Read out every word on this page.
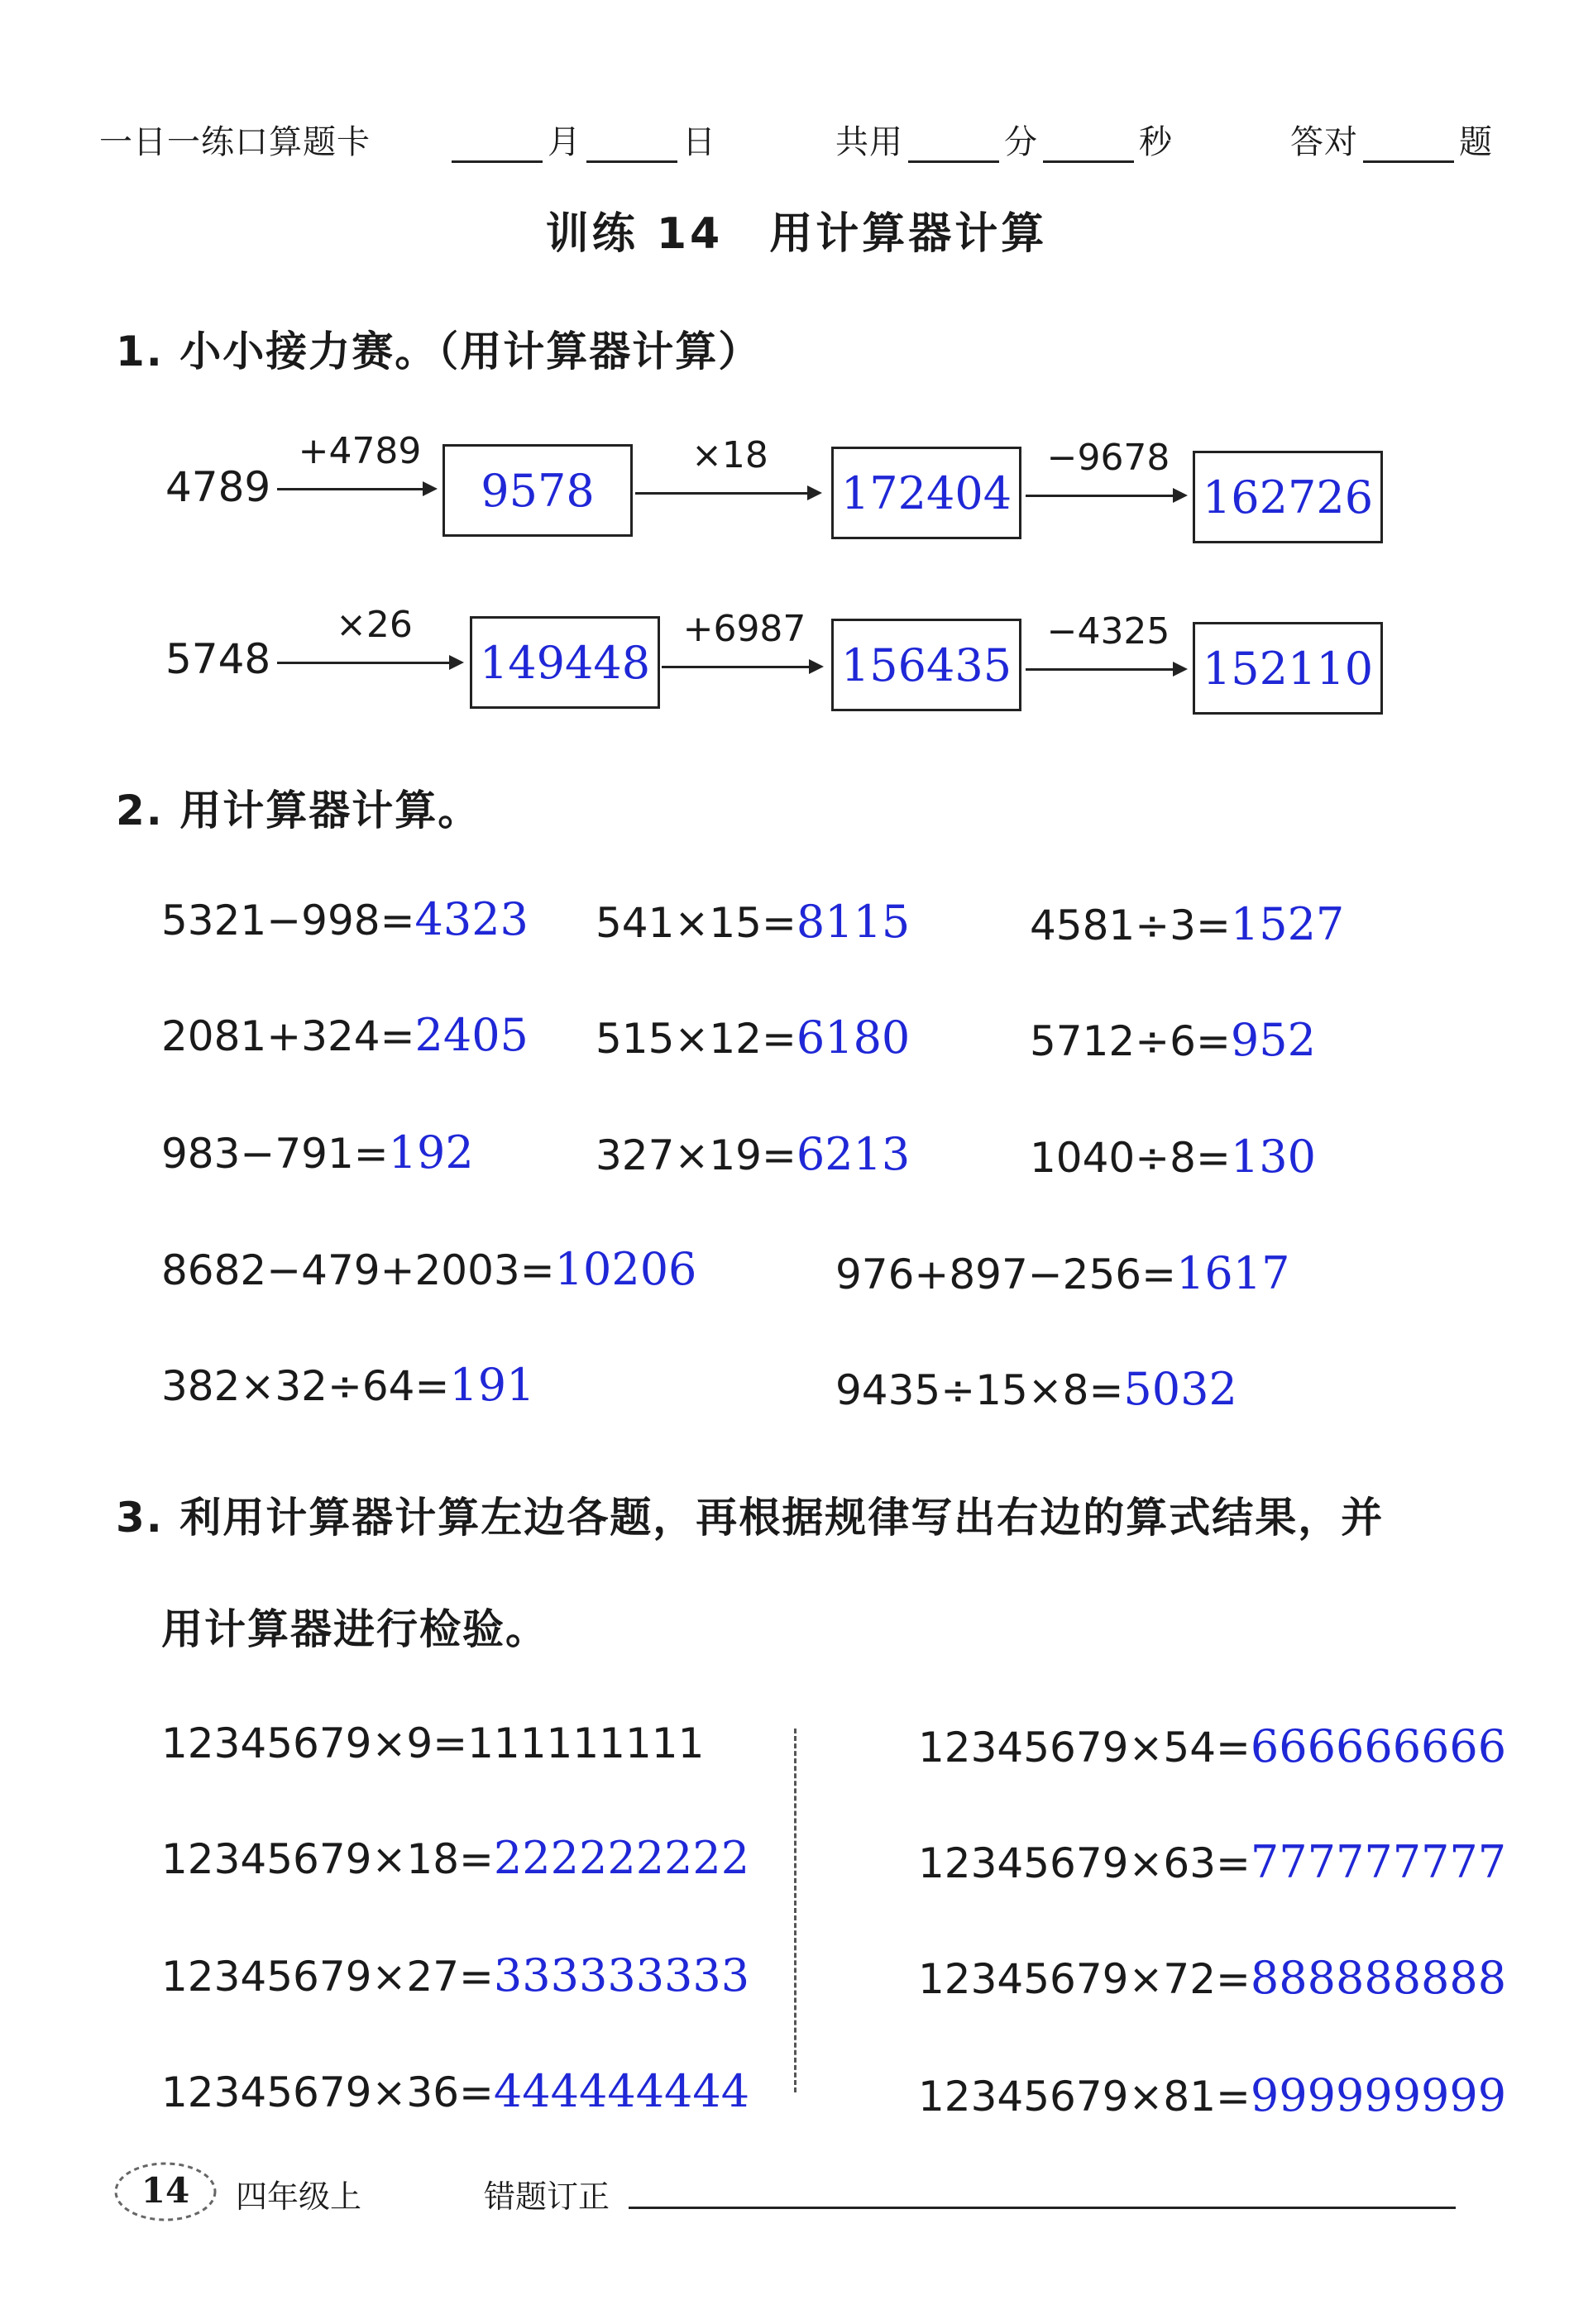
一日一练口算题卡	月	日	共用	分	秒	答对	题
训练 14　用计算器计算
1. 小小接力赛。（用计算器计算）
4789
+4789
9578
×18
172404
−9678
162726
5748
×26
149448
+6987
156435
−4325
152110
2. 用计算器计算。
5321−998=4323 541×15=8115	4581÷3=1527
2081+324=2405 515×12=6180	5712÷6=952
983−791=192	327×19=6213	1040÷8=130
8682−479+2003=10206	976+897−256=1617
382×32÷64=191	9435÷15×8=5032
3. 利用计算器计算左边各题，再根据规律写出右边的算式结果，并
用计算器进行检验。
12345679×9=111111111
12345679×18=222222222
12345679×27=333333333
12345679×36=444444444
12345679×54=666666666
12345679×63=777777777
12345679×72=888888888
12345679×81=999999999
14	四年级上	错题订正
